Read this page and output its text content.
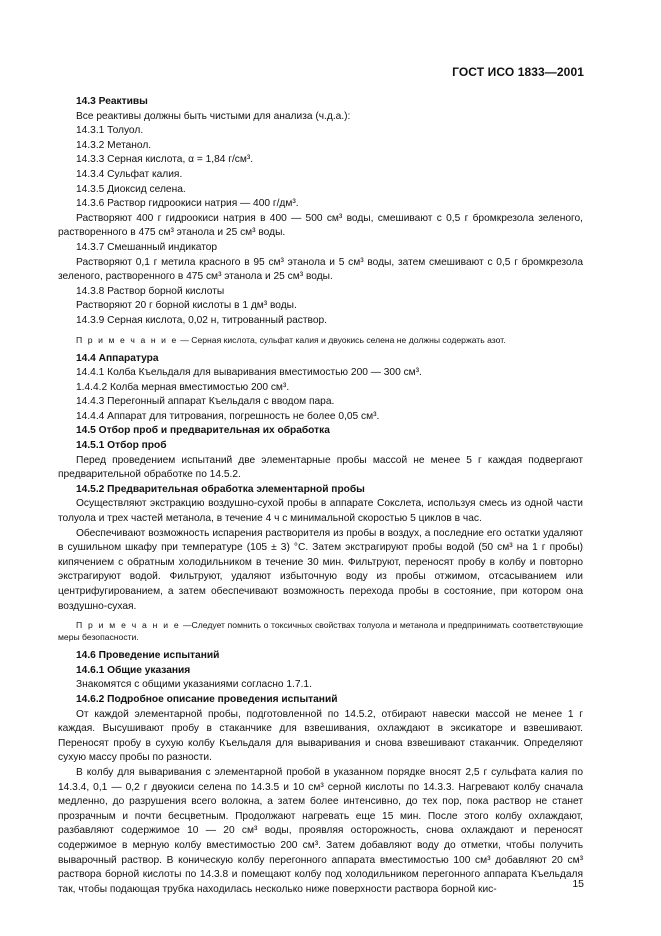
ГОСТ ИСО 1833—2001

14.3 Реактивы

Все реактивы должны быть чистыми для анализа (ч.д.а.):

14.3.1 Толуол.

14.3.2 Метанол.

14.3.3 Серная кислота, α = 1,84 г/см³.

14.3.4 Сульфат калия.

14.3.5 Диоксид селена.

14.3.6 Раствор гидроокиси натрия — 400 г/дм³.

Растворяют 400 г гидроокиси натрия в 400 — 500 см³ воды, смешивают с 0,5 г бромкрезола зеленого, растворенного в 475 см³ этанола и 25 см³ воды.

14.3.7 Смешанный индикатор

Растворяют 0,1 г метила красного в 95 см³ этанола и 5 см³ воды, затем смешивают с 0,5 г бромкрезола зеленого, растворенного в 475 см³ этанола и 25 см³ воды.

14.3.8 Раствор борной кислоты

Растворяют 20 г борной кислоты в 1 дм³ воды.

14.3.9 Серная кислота, 0,02 н, титрованный раствор.

П р и м е ч а н и е — Серная кислота, сульфат калия и двуокись селена не должны содержать азот.

14.4 Аппаратура

14.4.1 Колба Къельдаля для вываривания вместимостью 200 — 300 см³.

1.4.4.2 Колба мерная вместимостью 200 см³.

14.4.3 Перегонный аппарат Къельдаля с вводом пара.

14.4.4 Аппарат для титрования, погрешность не более 0,05 см³.

14.5 Отбор проб и предварительная их обработка

14.5.1 Отбор проб

Перед проведением испытаний две элементарные пробы массой не менее 5 г каждая подвергают предварительной обработке по 14.5.2.

14.5.2 Предварительная обработка элементарной пробы

Осуществляют экстракцию воздушно-сухой пробы в аппарате Сокслета, используя смесь из одной части толуола и трех частей метанола, в течение 4 ч с минимальной скоростью 5 циклов в час.

Обеспечивают возможность испарения растворителя из пробы в воздух, а последние его остатки удаляют в сушильном шкафу при температуре (105 ± 3) °С. Затем экстрагируют пробы водой (50 см³ на 1 г пробы) кипячением с обратным холодильником в течение 30 мин. Фильтруют, переносят пробу в колбу и повторно экстрагируют водой. Фильтруют, удаляют избыточную воду из пробы отжимом, отсасыванием или центрифугированием, а затем обеспечивают возможность перехода пробы в состояние, при котором она воздушно-сухая.

П р и м е ч а н и е —Следует помнить о токсичных свойствах толуола и метанола и предпринимать соответствующие меры безопасности.

14.6 Проведение испытаний

14.6.1 Общие указания

Знакомятся с общими указаниями согласно 1.7.1.

14.6.2 Подробное описание проведения испытаний

От каждой элементарной пробы, подготовленной по 14.5.2, отбирают навески массой не менее 1 г каждая. Высушивают пробу в стаканчике для взвешивания, охлаждают в эксикаторе и взвешивают. Переносят пробу в сухую колбу Къельдаля для вываривания и снова взвешивают стаканчик. Определяют сухую массу пробы по разности.

В колбу для вываривания с элементарной пробой в указанном порядке вносят 2,5 г сульфата калия по 14.3.4, 0,1 — 0,2 г двуокиси селена по 14.3.5 и 10 см³ серной кислоты по 14.3.3. Нагревают колбу сначала медленно, до разрушения всего волокна, а затем более интенсивно, до тех пор, пока раствор не станет прозрачным и почти бесцветным. Продолжают нагревать еще 15 мин. После этого колбу охлаждают, разбавляют содержимое 10 — 20 см³ воды, проявляя осторожность, снова охлаждают и переносят содержимое в мерную колбу вместимостью 200 см³. Затем добавляют воду до отметки, чтобы получить выварочный раствор. В коническую колбу перегонного аппарата вместимостью 100 см³ добавляют 20 см³ раствора борной кислоты по 14.3.8 и помещают колбу под холодильником перегонного аппарата Къельдаля так, чтобы подающая трубка находилась несколько ниже поверхности раствора борной кис-	15
